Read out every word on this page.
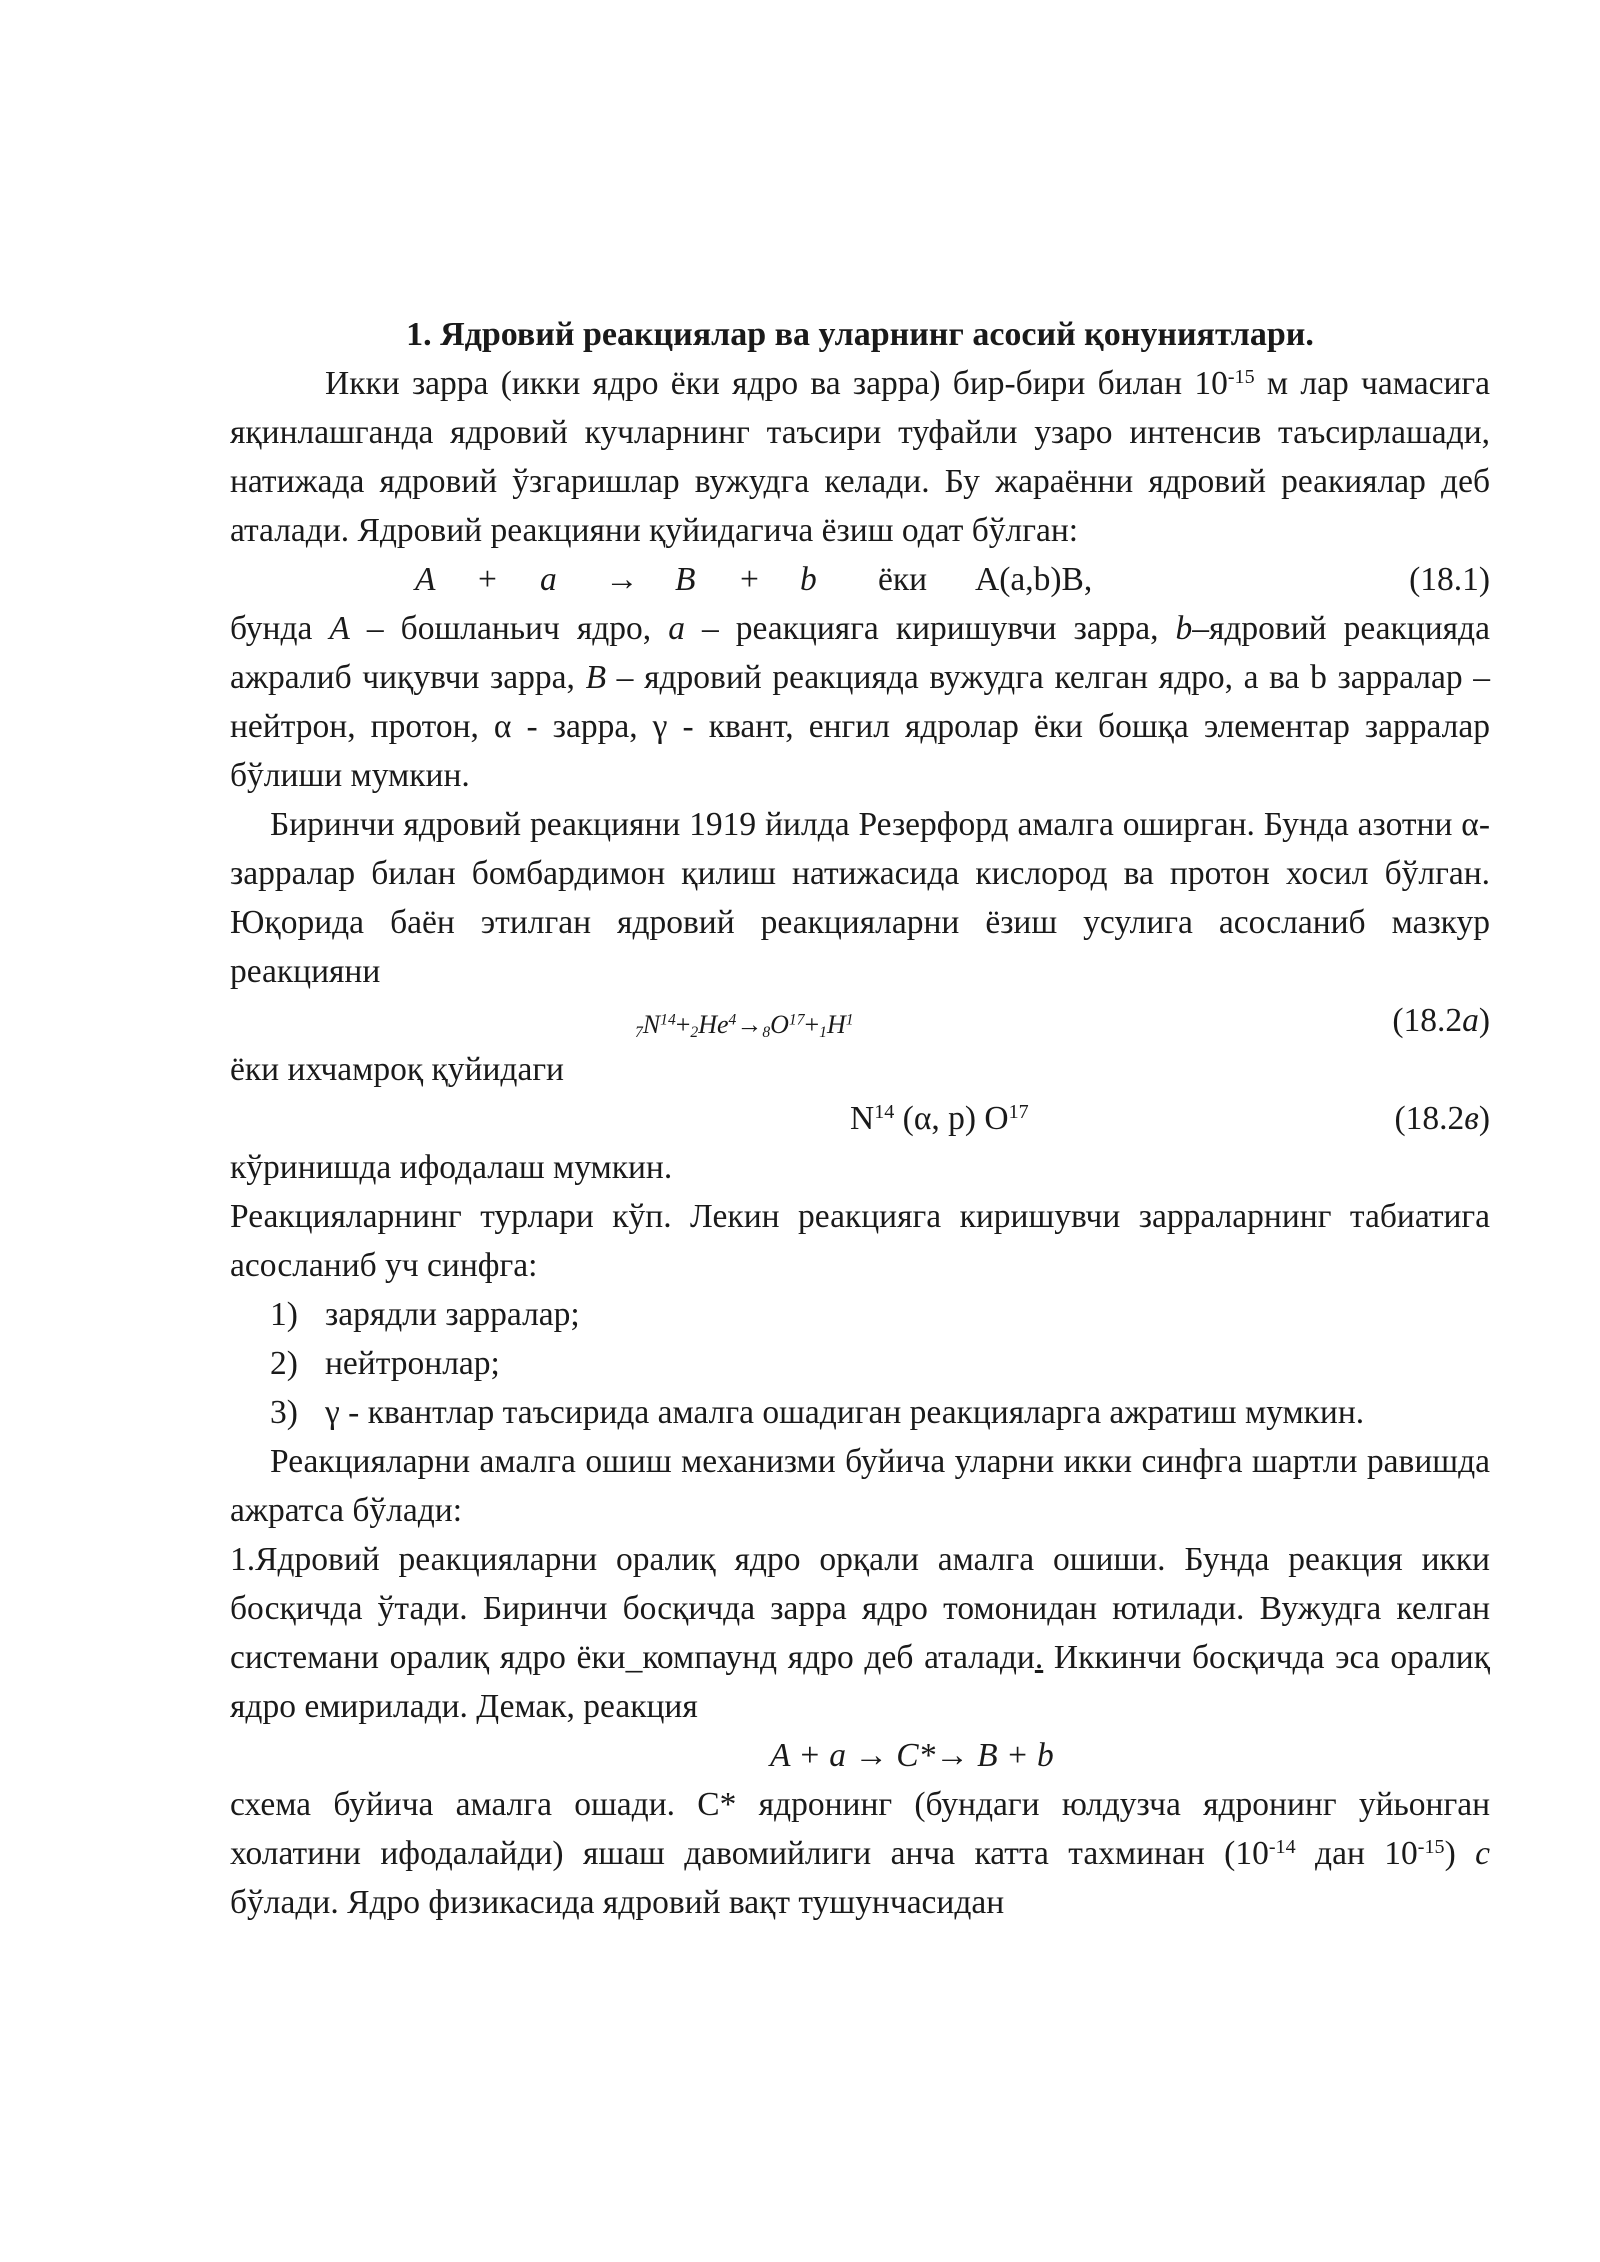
1. Ядровий реакциялар ва уларнинг асосий қонуниятлари.

Икки зарра (икки ядро ёки ядро ва зарра) бир-бири билан $10^{-15}$ м лар чамасига яқинлашганда ядровий кучларнинг таъсири туфайли узаро интенсив таъсирлашади, натижада ядровий ўзгаришлар вужудга келади. Бу жараённи ядровий реакиялар деб аталади. Ядровий реакцияни қуйидагича ёзиш одат бўлган:

A + a → B + b ёки A(a,b)B,	(18.1)

бунда A – бошланьич ядро, a – реакцияга киришувчи зарра, b–ядровий реакцияда ажралиб чиқувчи зарра, B – ядровий реакцияда вужудга келган ядро, a ва b зарралар – нейтрон, протон, α - зарра, γ - квант, енгил ядролар ёки бошқа элементар зарралар бўлиши мумкин.

Биринчи ядровий реакцияни 1919 йилда Резерфорд амалга оширган. Бунда азотни α- зарралар билан бомбардимон қилиш натижасида кислород ва протон хосил бўлган. Юқорида баён этилган ядровий реакцияларни ёзиш усулига асосланиб мазкур реакцияни

$_7N^{14}+_2He^4\to_8O^{17}+_1H^1$	(18.2a)

ёки ихчамроқ қуйидаги

$N^{14}$ (α, p) $O^{17}$	(18.2в)

кўринишда ифодалаш мумкин.

Реакцияларнинг турлари кўп. Лекин реакцияга киришувчи зарраларнинг табиатига асосланиб уч синфга:

1) зарядли зарралар;
2) нейтронлар;
3) γ - квантлар таъсирида амалга ошадиган реакцияларга ажратиш мумкин.

Реакцияларни амалга ошиш механизми буйича уларни икки синфга шартли равишда ажратса бўлади:

1.Ядровий реакцияларни оралиқ ядро орқали амалга ошиши. Бунда реакция икки босқичда ўтади. Биринчи босқичда зарра ядро томонидан ютилади. Вужудга келган системани оралиқ ядро ёки_компаунд ядро деб аталади. Иккинчи босқичда эса оралиқ ядро емирилади. Демак, реакция

A + a → C*→ B + b

схема буйича амалга ошади. C* ядронинг (бундаги юлдузча ядронинг уйьонган холатини ифодалайди) яшаш давомийлиги анча катта тахминан ($10^{-14}$ дан $10^{-15}$) c бўлади. Ядро физикасида ядровий вақт тушунчасидан
